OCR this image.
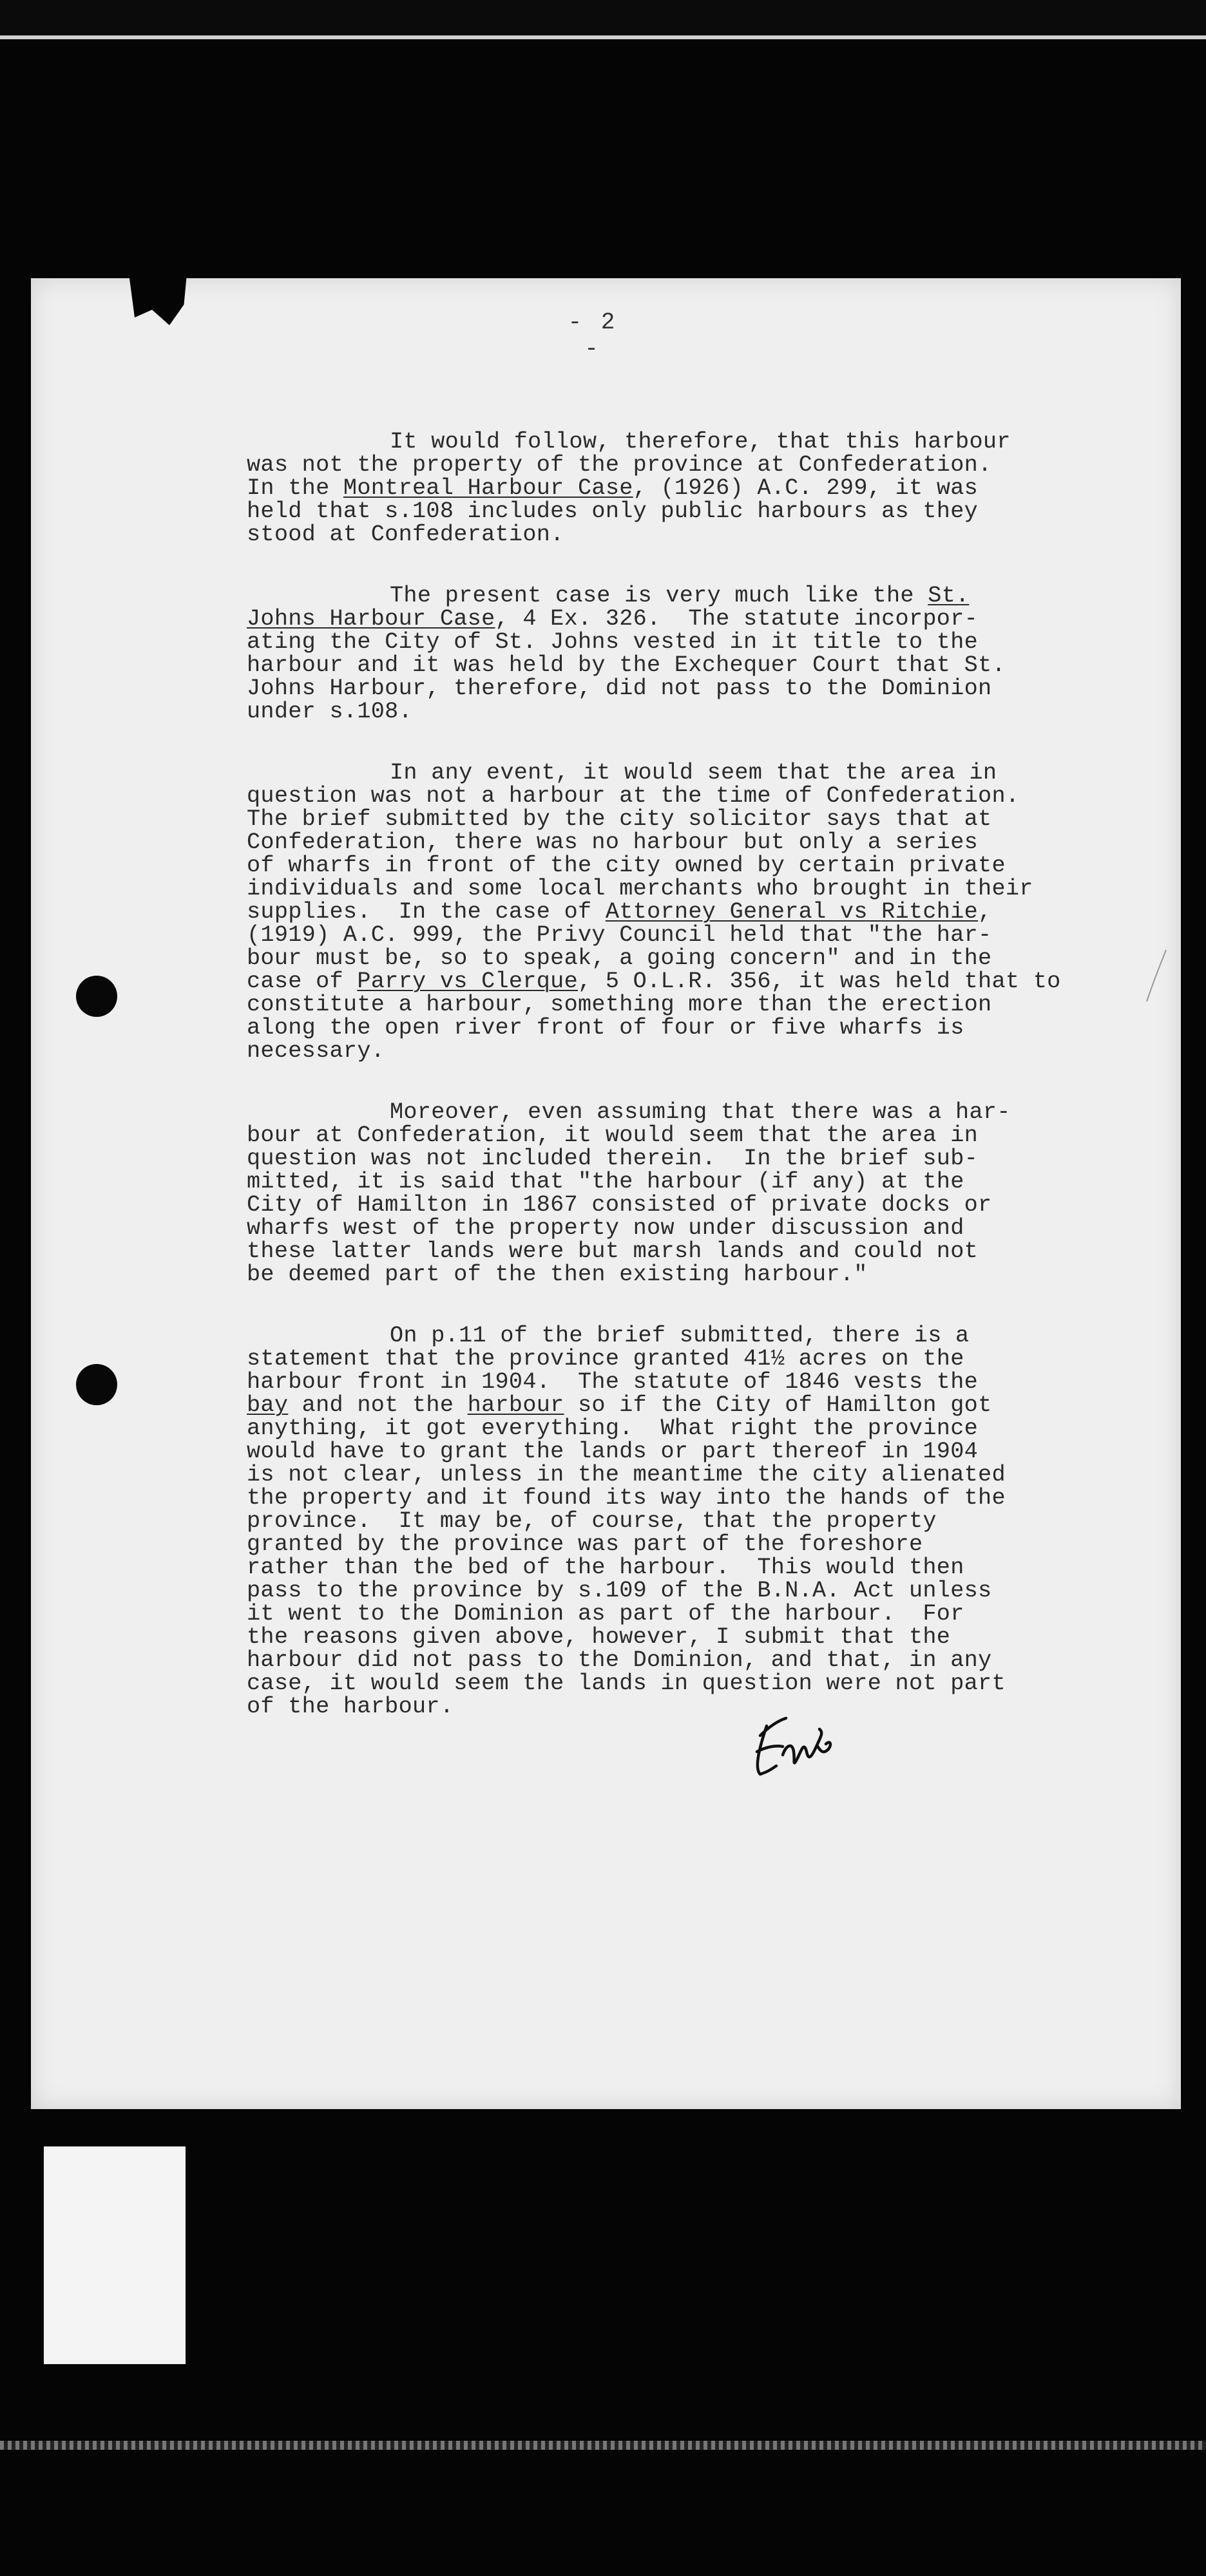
- 2 -
It would follow, therefore, that this harbour
was not the property of the province at Confederation.
In the Montreal Harbour Case, (1926) A.C. 299, it was
held that s.108 includes only public harbours as they
stood at Confederation.
The present case is very much like the St.
Johns Harbour Case, 4 Ex. 326.  The statute incorpor-
ating the City of St. Johns vested in it title to the
harbour and it was held by the Exchequer Court that St.
Johns Harbour, therefore, did not pass to the Dominion
under s.108.
In any event, it would seem that the area in
question was not a harbour at the time of Confederation.
The brief submitted by the city solicitor says that at
Confederation, there was no harbour but only a series
of wharfs in front of the city owned by certain private
individuals and some local merchants who brought in their
supplies.  In the case of Attorney General vs Ritchie,
(1919) A.C. 999, the Privy Council held that "the har-
bour must be, so to speak, a going concern" and in the
case of Parry vs Clerque, 5 O.L.R. 356, it was held that to
constitute a harbour, something more than the erection
along the open river front of four or five wharfs is
necessary.
Moreover, even assuming that there was a har-
bour at Confederation, it would seem that the area in
question was not included therein.  In the brief sub-
mitted, it is said that "the harbour (if any) at the
City of Hamilton in 1867 consisted of private docks or
wharfs west of the property now under discussion and
these latter lands were but marsh lands and could not
be deemed part of the then existing harbour."
On p.11 of the brief submitted, there is a
statement that the province granted 41½ acres on the
harbour front in 1904.  The statute of 1846 vests the
bay and not the harbour so if the City of Hamilton got
anything, it got everything.  What right the province
would have to grant the lands or part thereof in 1904
is not clear, unless in the meantime the city alienated
the property and it found its way into the hands of the
province.  It may be, of course, that the property
granted by the province was part of the foreshore
rather than the bed of the harbour.  This would then
pass to the province by s.109 of the B.N.A. Act unless
it went to the Dominion as part of the harbour.  For
the reasons given above, however, I submit that the
harbour did not pass to the Dominion, and that, in any
case, it would seem the lands in question were not part
of the harbour.
